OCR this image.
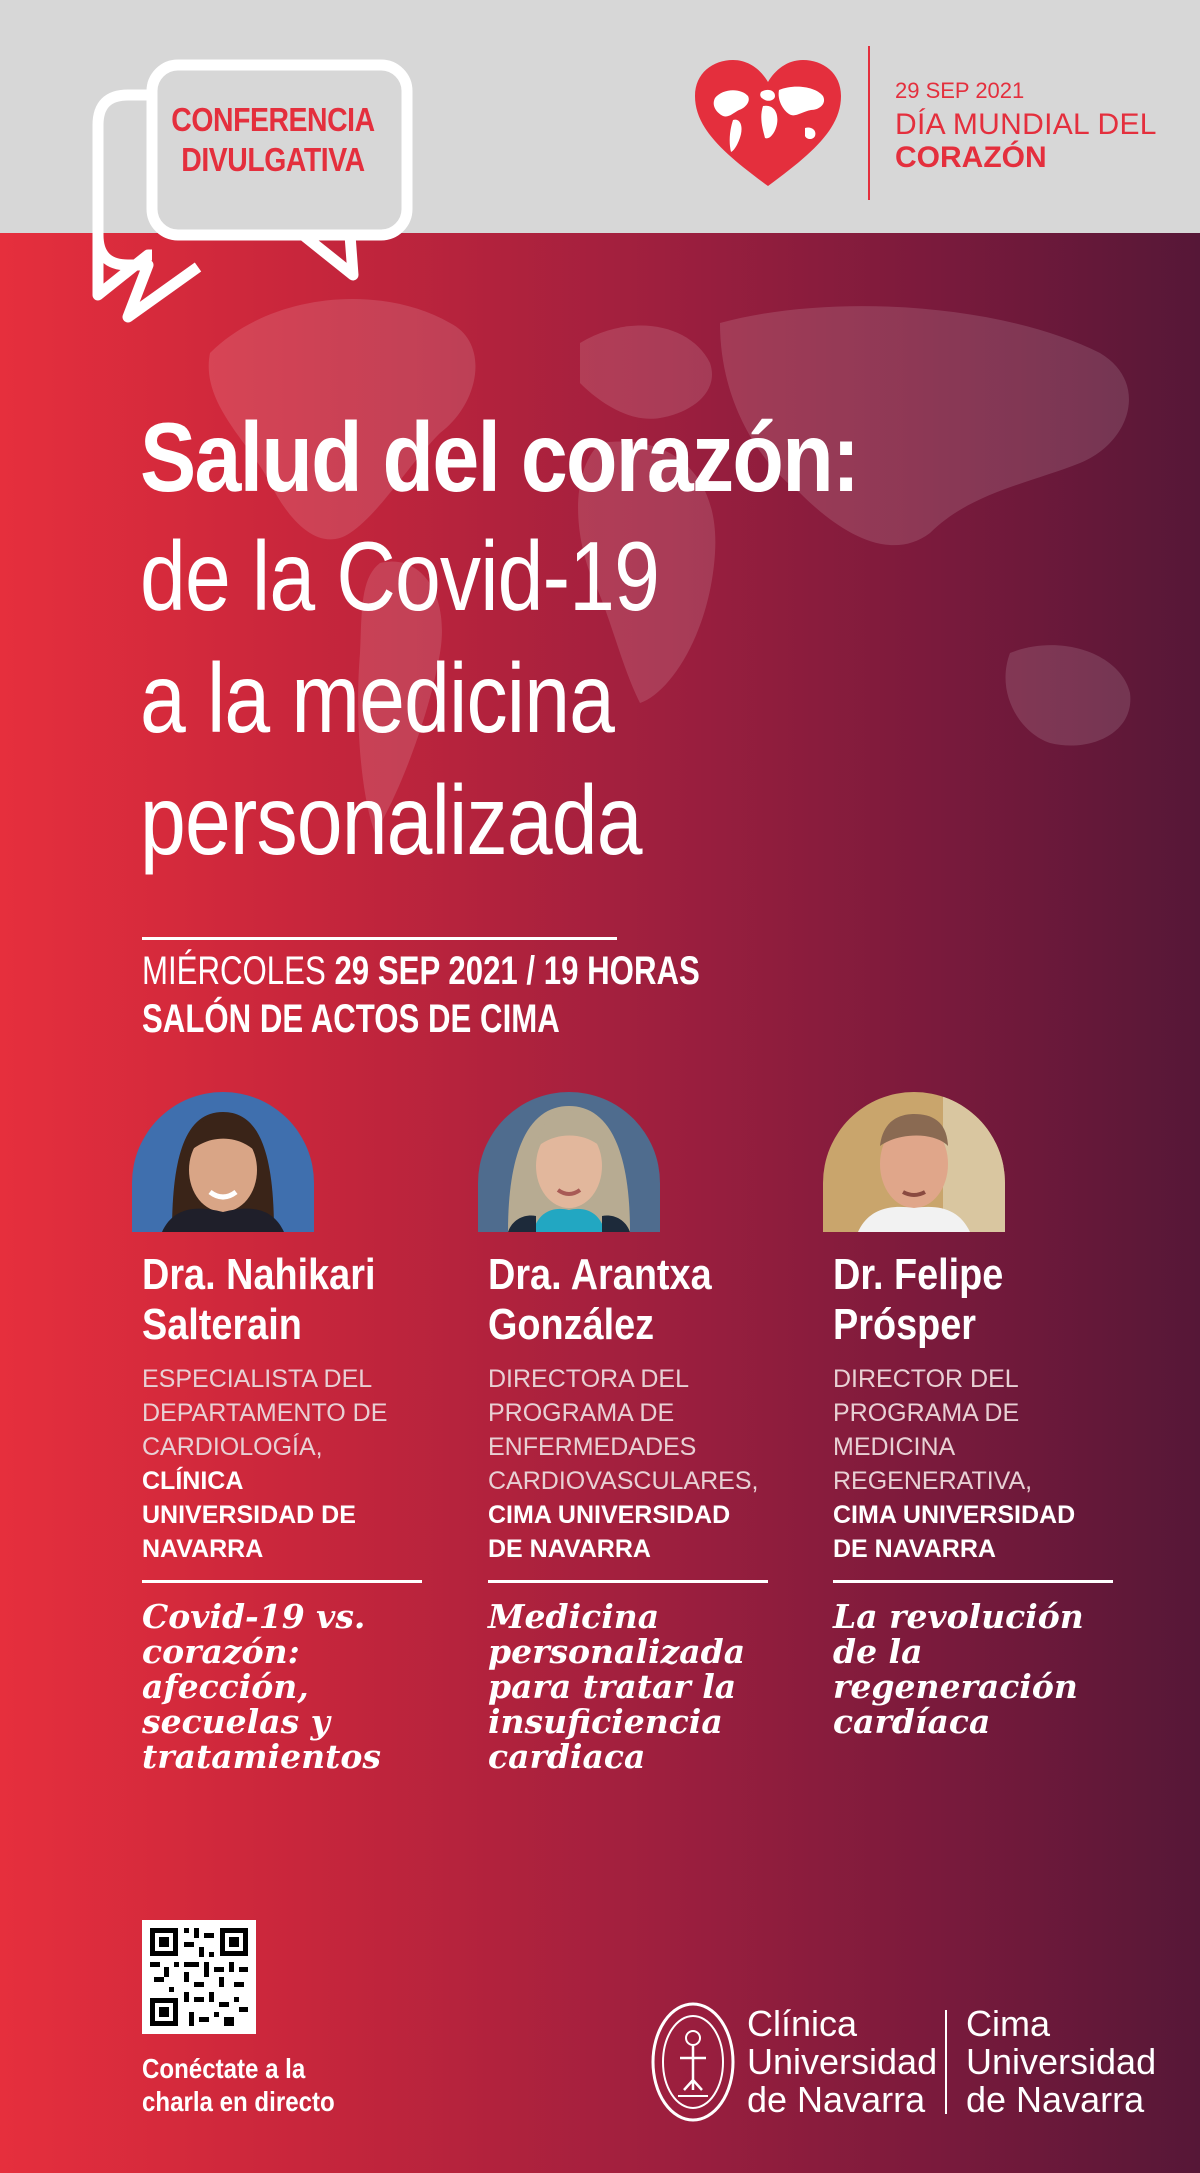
CONFERENCIA
DIVULGATIVA
29 SEP 2021
DÍA MUNDIAL DEL
CORAZÓN
Salud del corazón:
de la Covid-19
a la medicina
personalizada
MIÉRCOLES 29 SEP 2021 / 19 HORAS
SALÓN DE ACTOS DE CIMA
Dra. Nahikari
Salterain
ESPECIALISTA DEL
DEPARTAMENTO DE
CARDIOLOGÍA,
CLÍNICA
UNIVERSIDAD DE
NAVARRA
Covid-19 vs.
corazón:
afección,
secuelas y
tratamientos
Dra. Arantxa
González
DIRECTORA DEL
PROGRAMA DE
ENFERMEDADES
CARDIOVASCULARES,
CIMA UNIVERSIDAD
DE NAVARRA
Medicina
personalizada
para tratar la
insuficiencia
cardiaca
Dr. Felipe
Prósper
DIRECTOR DEL
PROGRAMA DE
MEDICINA
REGENERATIVA,
CIMA UNIVERSIDAD
DE NAVARRA
La revolución
de la
regeneración
cardíaca
Conéctate a la
charla en directo
Clínica
Universidad
de Navarra
Cima
Universidad
de Navarra
